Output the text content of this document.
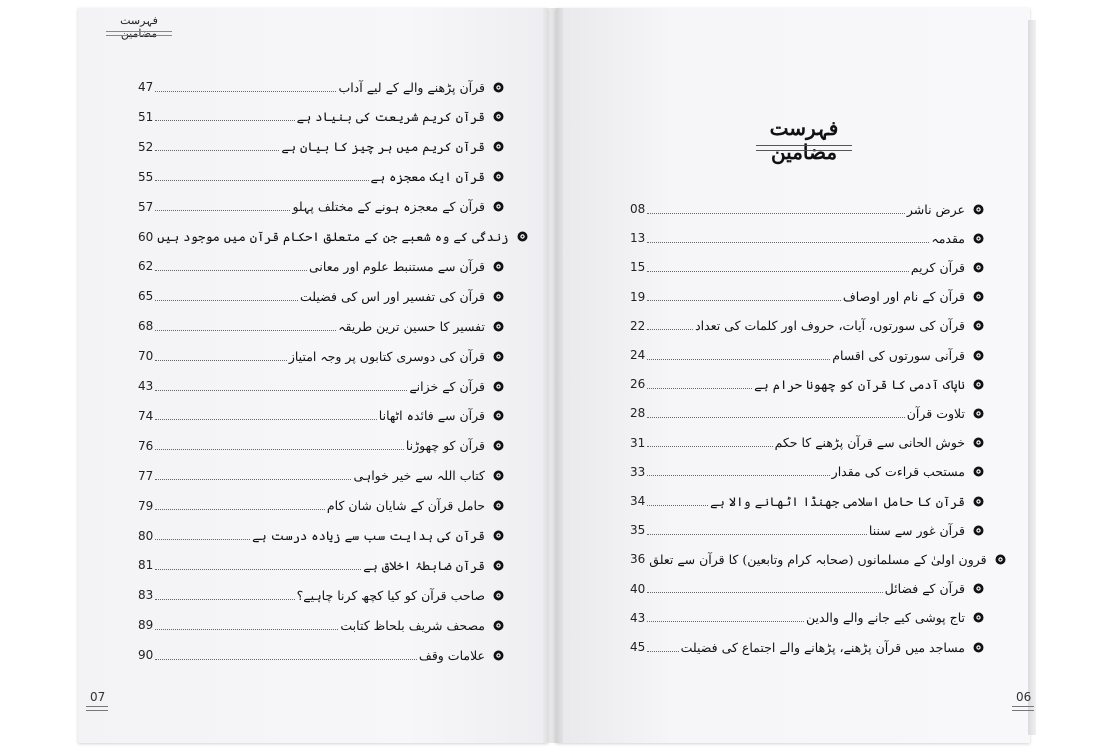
فہرست مضامین
فہرست مضامین
47	قرآن پڑھنے والے کے لیے آداب
51	قرآن کریم شریعت کی بنیاد ہے
52	قرآن کریم میں ہر چیز کا بیان ہے
55	قرآن ایک معجزہ ہے
57	قرآن کے معجزہ ہونے کے مختلف پہلو
60 زندگی کے وہ شعبے جن کے متعلق احکام قرآن میں موجود ہیں
62	قرآن سے مستنبط علوم اور معانی
65	قرآن کی تفسیر اور اس کی فضیلت
68	تفسیر کا حسین ترین طریقہ
70	قرآن کی دوسری کتابوں پر وجہ امتیاز
43	قرآن کے خزانے
74	قرآن سے فائدہ اٹھانا
76	قرآن کو چھوڑنا
77	کتاب اللہ سے خیر خواہی
79	حامل قرآن کے شایان شان کام
80	قرآن کی ہدایت سب سے زیادہ درست ہے
81	قرآن ضابطۂ اخلاق ہے
83	صاحب قرآن کو کیا کچھ کرنا چاہیے؟
89	مصحف شریف بلحاظ کتابت
90	علامات وقف
08	عرض ناشر
13	مقدمہ
15	قرآن کریم
19	قرآن کے نام اور اوصاف
22	قرآن کی سورتوں، آیات، حروف اور کلمات کی تعداد
24	قرآنی سورتوں کی اقسام
26	ناپاک آدمی کا قرآن کو چھونا حرام ہے
28	تلاوت قرآن
31	خوش الحانی سے قرآن پڑھنے کا حکم
33	مستحب قراءت کی مقدار
34	قرآن کا حامل اسلامی جھنڈا اٹھانے والا ہے
35	قرآن غور سے سننا
36 قرون اولیٰ کے مسلمانوں (صحابہ کرام وتابعین) کا قرآن سے تعلق
40	قرآن کے فضائل
43	تاج پوشی کیے جانے والے والدین
45	مساجد میں قرآن پڑھنے، پڑھانے والے اجتماع کی فضیلت
07	06
